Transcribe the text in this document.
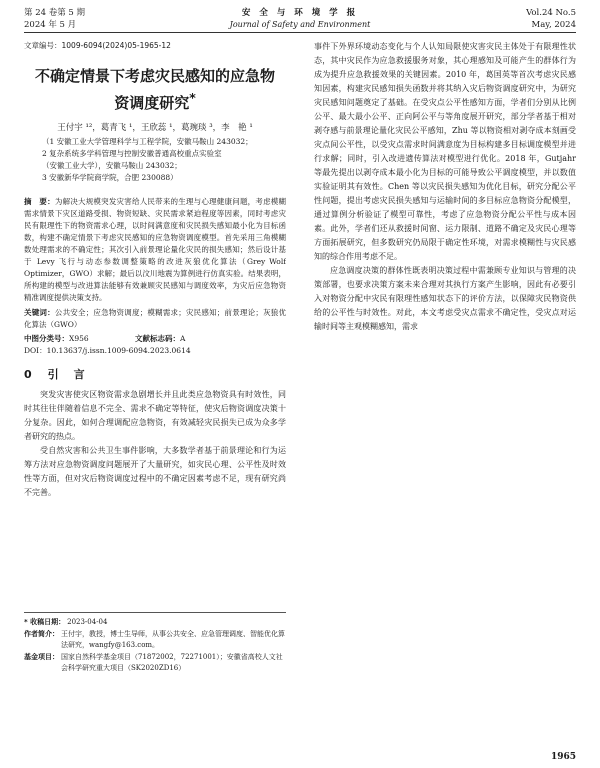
第 24 卷第 5 期
2024 年 5 月
安 全 与 环 境 学 报
Journal of Safety and Environment
Vol.24 No.5
May, 2024
文章编号：1009-6094(2024)05-1965-12
不确定情景下考虑灾民感知的应急物资调度研究*
王付宇 ¹²，葛青飞 ¹，王欣蕊 ¹，葛琬琰 ³，李　艳 ¹
（1 安徽工业大学管理科学与工程学院，安徽马鞍山 243032；
2 复杂系统多学科管理与控制安徽普通高校重点实验室
（安徽工业大学），安徽马鞍山 243032；
3 安徽新华学院商学院，合肥 230088）
摘　要：为解决大规模突发灾害给人民带来的生理与心理健康问题，考虑模糊需求情景下灾区道路受损、物资短缺、灾民需求紧迫程度等因素，同时考虑灾民有限理性下的物资需求心理，以时间满意度和灾民损失感知最小化为目标函数，构建不确定情景下考虑灾民感知的应急物资调度模型。首先采用三角模糊数处理需求的不确定性；其次引入前景理论量化灾民的损失感知；然后设计基于 Levy 飞行与动态参数调整策略的改进灰狼优化算法（Grey Wolf Optimizer，GWO）求解；最后以汶川地震为算例进行仿真实验。结果表明，所构建的模型与改进算法能够有效兼顾灾民感知与调度效率，为灾后应急物资精准调度提供决策支持。
关键词：公共安全；应急物资调度；模糊需求；灾民感知；前景理论；灰狼优化算法（GWO）
中图分类号：X956	文献标志码：A
DOI：10.13637/j.issn.1009-6094.2023.0614
0 引　言

突发灾害使灾区物资需求急剧增长并且此类应急物资具有时效性，同时其往往伴随着信息不完全、需求不确定等特征，使灾后物资调度决策十分复杂。因此，如何合理调配应急物资，有效减轻灾民损失已成为众多学者研究的热点。

受自然灾害和公共卫生事件影响，大多数学者基于前景理论和行为运筹方法对应急物资调度问题展开了大量研究，如灾民心理、公平性及时效性等方面，但对灾后物资调度过程中的不确定因素考虑不足，现有研究尚不完善。

* 收稿日期： 2023-04-04
作者简介： 王付宇，教授，博士生导师，从事公共安全、应急管理调度、智能优化算法研究，wangfy@163.com。
基金项目： 国家自然科学基金项目（71872002，72271001）；安徽省高校人文社会科学研究重大项目（SK2020ZD16）

事件下外界环境动态变化与个人认知局限使灾害灾民主体处于有限理性状态，其中灾民作为应急救援服务对象，其心理感知及可能产生的群体行为成为提升应急救援效果的关键因素。2010 年，葛国英等首次考虑灾民感知因素，构建灾民感知损失函数并将其纳入灾后物资调度研究中，为研究灾民感知问题奠定了基础。在受灾点公平性感知方面，学者们分别从比例公平、最大最小公平、正向阿公平与等角度展开研究，部分学者基于相对剥夺感与前景理论量化灾民公平感知，Zhu 等以物资相对剥夺成本刻画受灾点间公平性，以受灾点需求时间满意度为目标构建多目标调度模型并进行求解；同时，引入改进遗传算法对模型进行优化。2018 年，Gutjahr 等最先提出以剥夺成本最小化为目标的可能导致公平调度模型，并以数值实验证明其有效性。Chen 等以灾民损失感知为优化目标，研究分配公平性问题，提出考虑灾民损失感知与运输时间的多目标应急物资分配模型，通过算例分析验证了模型可靠性，考虑了应急物资分配公平性与成本因素。此外，学者们还从救援时间窗、运力限制、道路不确定及灾民心理等方面拓展研究，但多数研究仍局限于确定性环境，对需求模糊性与灾民感知的综合作用考虑不足。

应急调度决策的群体性既表明决策过程中需兼顾专业知识与管理的决策部署，也要求决策方案未来合理对其执行方案产生影响，因此有必要引入对物资分配中灾民有限理性感知状态下的评价方法，以保障灾民物资供给的公平性与时效性。对此，本文考虑受灾点需求不确定性，受灾点对运输时间等主观模糊感知，需求

1965
